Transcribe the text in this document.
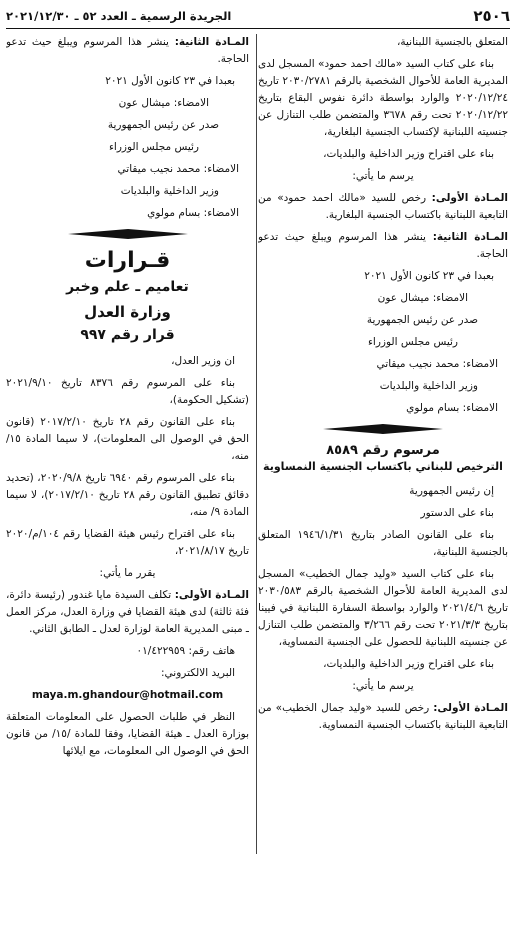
٢٥٠٦
الجريدة الرسمية ـ العدد ٥٢ ـ ٢٠٢١/١٢/٣٠

المتعلق بالجنسية اللبنانية،

بناء على كتاب السيد «مالك احمد حمود» المسجل لدى المديرية العامة للأحوال الشخصية بالرقم ٢٠٣٠/٢٧٨١ تاريخ ٢٠٢٠/١٢/٢٤ والوارد بواسطة دائرة نفوس البقاع بتاريخ ٢٠٢٠/١٢/٢٢ تحت رقم ٣٦٧٨ والمتضمن طلب التنازل عن جنسيته اللبنانية لإكتساب الجنسية البلغارية،

بناء على اقتراح وزير الداخلية والبلديات،

يرسم ما يأتي:

المـادة الأولى: رخص للسيد «مالك احمد حمود» من التابعية اللبنانية باكتساب الجنسية البلغارية.

المـادة الثانية: ينشر هذا المرسوم ويبلغ حيث تدعو الحاجة.

بعبدا في ٢٣ كانون الأول ٢٠٢١

الامضاء: ميشال عون
صدر عن رئيس الجمهورية
رئيس مجلس الوزراء
الامضاء: محمد نجيب ميقاتي
وزير الداخلية والبلديات
الامضاء: بسام مولوي
مرسوم رقم ٨٥٨٩
الترخيص للبناني باكتساب الجنسية النمساوية

إن رئيس الجمهورية

بناء على الدستور

بناء على القانون الصادر بتاريخ ١٩٤٦/١/٣١ المتعلق بالجنسية اللبنانية،

بناء على كتاب السيد «وليد جمال الخطيب» المسجل لدى المديرية العامة للأحوال الشخصية بالرقم ٢٠٣٠/٥٨٣ تاريخ ٢٠٢١/٤/٦ والوارد بواسطة السفارة اللبنانية في فيينا بتاريخ ٢٠٢١/٣/٣ تحت رقم ٣/٢٦٦ والمتضمن طلب التنازل عن جنسيته اللبنانية للحصول على الجنسية النمساوية،

بناء على اقتراح وزير الداخلية والبلديات،

يرسم ما يأتي:

المـادة الأولى: رخص للسيد «وليد جمال الخطيب» من التابعية اللبنانية باكتساب الجنسية النمساوية.

المـادة الثانية: ينشر هذا المرسوم ويبلغ حيث تدعو الحاجة.

بعبدا في ٢٣ كانون الأول ٢٠٢١

الامضاء: ميشال عون
صدر عن رئيس الجمهورية
رئيس مجلس الوزراء
الامضاء: محمد نجيب ميقاتي
وزير الداخلية والبلديات
الامضاء: بسام مولوي
قـرارات
تعاميم ـ علم وخبر
وزارة العدل
قرار رقم ٩٩٧

ان وزير العدل،

بناء على المرسوم رقم ٨٣٧٦ تاريخ ٢٠٢١/٩/١٠ (تشكيل الحكومة)،

بناء على القانون رقم ٢٨ تاريخ ٢٠١٧/٢/١٠ (قانون الحق في الوصول الى المعلومات)، لا سيما المادة ١٥/ منه،

بناء على المرسوم رقم ٦٩٤٠ تاريخ ٢٠٢٠/٩/٨، (تحديد دقائق تطبيق القانون رقم ٢٨ تاريخ ٢٠١٧/٢/١٠)، لا سيما المادة ٩/ منه،

بناء على اقتراح رئيس هيئة القضايا رقم ١٠٤/م/٢٠٢٠ تاريخ ٢٠٢١/٨/١٧،

يقرر ما يأتي:

المـادة الأولى: تكلف السيدة مايا غندور (رئيسة دائرة، فئة ثالثة) لدى هيئة القضايا في وزارة العدل، مركز العمل ـ مبنى المديرية العامة لوزارة لعدل ـ الطابق الثاني.

هاتف رقم: ٠١/٤٢٢٩٥٩

البريد الالكتروني:

maya.m.ghandour@hotmail.com

النظر في طلبات الحصول على المعلومات المتعلقة بوزارة العدل ـ هيئة القضايا، وفقا للمادة /١٥/ من قانون الحق في الوصول الى المعلومات، مع ايلائها
